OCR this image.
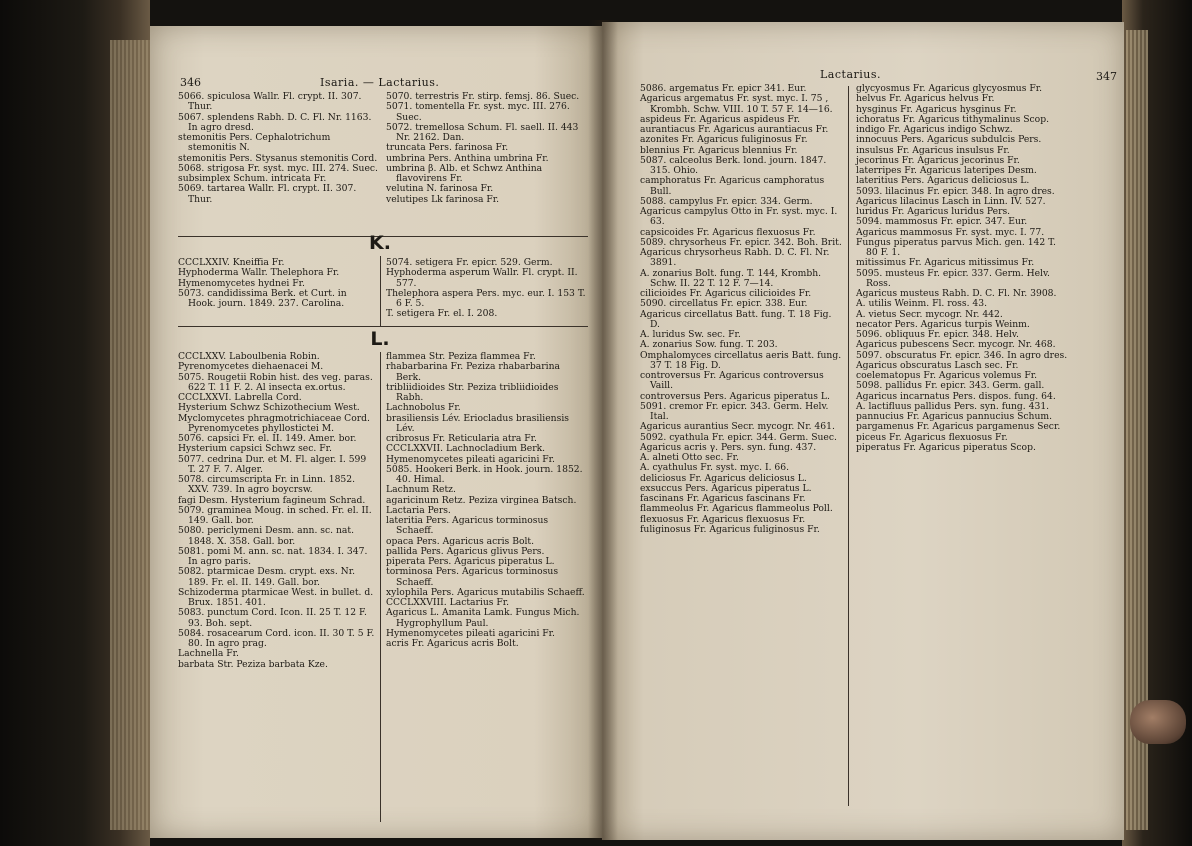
346	Isaria. — Lactarius.
5066. spiculosa Wallr. Fl. crypt. II. 307. Thur.
5067. splendens Rabh. D. C. Fl. Nr. 1163. In agro dresd.
stemonitis Pers. Cephalotrichum stemonitis N.
stemonitis Pers. Stysanus stemonitis Cord.
5068. strigosa Fr. syst. myc. III. 274. Suec.
subsimplex Schum. intricata Fr.
5069. tartarea Wallr. Fl. crypt. II. 307. Thur.
5070. terrestris Fr. stirp. femsj. 86. Suec.
5071. tomentella Fr. syst. myc. III. 276. Suec.
5072. tremellosa Schum. Fl. saell. II. 443 Nr. 2162. Dan.
truncata Pers. farinosa Fr.
umbrina Pers. Anthina umbrina Fr.
umbrina β. Alb. et Schwz Anthina flavovirens Fr.
velutina N. farinosa Fr.
velutipes Lk farinosa Fr.
K.
CCCLXXIV. Kneiffia Fr.
Hyphoderma Wallr. Thelephora Fr.
Hymenomycetes hydnei Fr.
5073. candidissima Berk. et Curt. in Hook. journ. 1849. 237. Carolina.
5074. setigera Fr. epicr. 529. Germ.
Hyphoderma asperum Wallr. Fl. crypt. II. 577.
Thelephora aspera Pers. myc. eur. I. 153 T. 6 F. 5.
T. setigera Fr. el. I. 208.
L.
CCCLXXV. Laboulbenia Robin.
Pyrenomycetes diehaenacei M.
5075. Rougetii Robin hist. des veg. paras. 622 T. 11 F. 2. Al insecta ex.ortus.
CCCLXXVI. Labrella Cord.
Hysterium Schwz Schizothecium West.
Myclomycetes phragmotrichiaceae Cord. Pyrenomycetes phyllostictei M.
5076. capsici Fr. el. II. 149. Amer. bor.
Hysterium capsici Schwz sec. Fr.
5077. cedrina Dur. et M. Fl. alger. I. 599 T. 27 F. 7. Alger.
5078. circumscripta Fr. in Linn. 1852. XXV. 739. In agro boycrsw.
fagi Desm. Hysterium fagineum Schrad.
5079. graminea Moug. in sched. Fr. el. II. 149. Gall. bor.
5080. periclymeni Desm. ann. sc. nat. 1848. X. 358. Gall. bor.
5081. pomi M. ann. sc. nat. 1834. I. 347. In agro paris.
5082. ptarmicae Desm. crypt. exs. Nr. 189. Fr. el. II. 149. Gall. bor.
Schizoderma ptarmicae West. in bullet. d. Brux. 1851. 401.
5083. punctum Cord. Icon. II. 25 T. 12 F. 93. Boh. sept.
5084. rosacearum Cord. icon. II. 30 T. 5 F. 80. In agro prag.
Lachnella Fr.
barbata Str. Peziza barbata Kze.
flammea Str. Peziza flammea Fr.
rhabarbarina Fr. Peziza rhabarbarina Berk.
tribliidioides Str. Peziza tribliidioides Rabh.
Lachnobolus Fr.
brasiliensis Lév. Eriocladus brasiliensis Lév.
cribrosus Fr. Reticularia atra Fr.
CCCLXXVII. Lachnocladium Berk.
Hymenomycetes pileati agaricini Fr.
5085. Hookeri Berk. in Hook. journ. 1852. 40. Himal.
Lachnum Retz.
agaricinum Retz. Peziza virginea Batsch.
Lactaria Pers.
lateritia Pers. Agaricus torminosus Schaeff.
opaca Pers. Agaricus acris Bolt.
pallida Pers. Agaricus glivus Pers.
piperata Pers. Agaricus piperatus L.
torminosa Pers. Agaricus torminosus Schaeff.
xylophila Pers. Agaricus mutabilis Schaeff.
CCCLXXVIII. Lactarius Fr.
Agaricus L. Amanita Lamk. Fungus Mich. Hygrophyllum Paul.
Hymenomycetes pileati agaricini Fr.
acris Fr. Agaricus acris Bolt.
Lactarius.	347
5086. argematus Fr. epicr 341. Eur.
Agaricus argematus Fr. syst. myc. I. 75 , Krombh. Schw. VIII. 10 T. 57 F. 14—16.
aspideus Fr. Agaricus aspideus Fr.
aurantiacus Fr. Agaricus aurantiacus Fr.
azonites Fr. Agaricus fuliginosus Fr.
blennius Fr. Agaricus blennius Fr.
5087. calceolus Berk. lond. journ. 1847. 315. Ohio.
camphoratus Fr. Agaricus camphoratus Bull.
5088. campylus Fr. epicr. 334. Germ.
Agaricus campylus Otto in Fr. syst. myc. I. 63.
capsicoides Fr. Agaricus flexuosus Fr.
5089. chrysorheus Fr. epicr. 342. Boh. Brit.
Agaricus chrysorheus Rabh. D. C. Fl. Nr. 3891.
A. zonarius Bolt. fung. T. 144, Krombh. Schw. II. 22 T. 12 F. 7—14.
cilicioides Fr. Agaricus cilicioides Fr.
5090. circellatus Fr. epicr. 338. Eur.
Agaricus circellatus Batt. fung. T. 18 Fig. D.
A. luridus Sw. sec. Fr.
A. zonarius Sow. fung. T. 203.
Omphalomyces circellatus aeris Batt. fung. 37 T. 18 Fig. D.
controversus Fr. Agaricus controversus Vaill.
controversus Pers. Agaricus piperatus L.
5091. cremor Fr. epicr. 343. Germ. Helv. Ital.
Agaricus aurantius Secr. mycogr. Nr. 461.
5092. cyathula Fr. epicr. 344. Germ. Suec.
Agaricus acris γ. Pers. syn. fung. 437.
A. alneti Otto sec. Fr.
A. cyathulus Fr. syst. myc. I. 66.
deliciosus Fr. Agaricus deliciosus L.
exsuccus Pers. Agaricus piperatus L.
fascinans Fr. Agaricus fascinans Fr.
flammeolus Fr. Agaricus flammeolus Poll.
flexuosus Fr. Agaricus flexuosus Fr.
fuliginosus Fr. Agaricus fuliginosus Fr.
glycyosmus Fr. Agaricus glycyosmus Fr.
helvus Fr. Agaricus helvus Fr.
hysginus Fr. Agaricus hysginus Fr.
ichoratus Fr. Agaricus tithymalinus Scop.
indigo Fr. Agaricus indigo Schwz.
innocuus Pers. Agaricus subdulcis Pers.
insulsus Fr. Agaricus insulsus Fr.
jecorinus Fr. Agaricus jecorinus Fr.
laterripes Fr. Agaricus lateripes Desm.
lateritius Pers. Agaricus deliciosus L.
5093. lilacinus Fr. epicr. 348. In agro dres.
Agaricus lilacinus Lasch in Linn. IV. 527.
luridus Fr. Agaricus luridus Pers.
5094. mammosus Fr. epicr. 347. Eur.
Agaricus mammosus Fr. syst. myc. I. 77.
Fungus piperatus parvus Mich. gen. 142 T. 80 F. 1.
mitissimus Fr. Agaricus mitissimus Fr.
5095. musteus Fr. epicr. 337. Germ. Helv. Ross.
Agaricus musteus Rabh. D. C. Fl. Nr. 3908.
A. utilis Weinm. Fl. ross. 43.
A. vietus Secr. mycogr. Nr. 442.
necator Pers. Agaricus turpis Weinm.
5096. obliquus Fr. epicr. 348. Helv.
Agaricus pubescens Secr. mycogr. Nr. 468.
5097. obscuratus Fr. epicr. 346. In agro dres.
Agaricus obscuratus Lasch sec. Fr.
coelematopus Fr. Agaricus volemus Fr.
5098. pallidus Fr. epicr. 343. Germ. gall.
Agaricus incarnatus Pers. dispos. fung. 64.
A. lactifluus pallidus Pers. syn. fung. 431.
pannucius Fr. Agaricus pannucius Schum.
pargamenus Fr. Agaricus pargamenus Secr.
piceus Fr. Agaricus flexuosus Fr.
piperatus Fr. Agaricus piperatus Scop.
